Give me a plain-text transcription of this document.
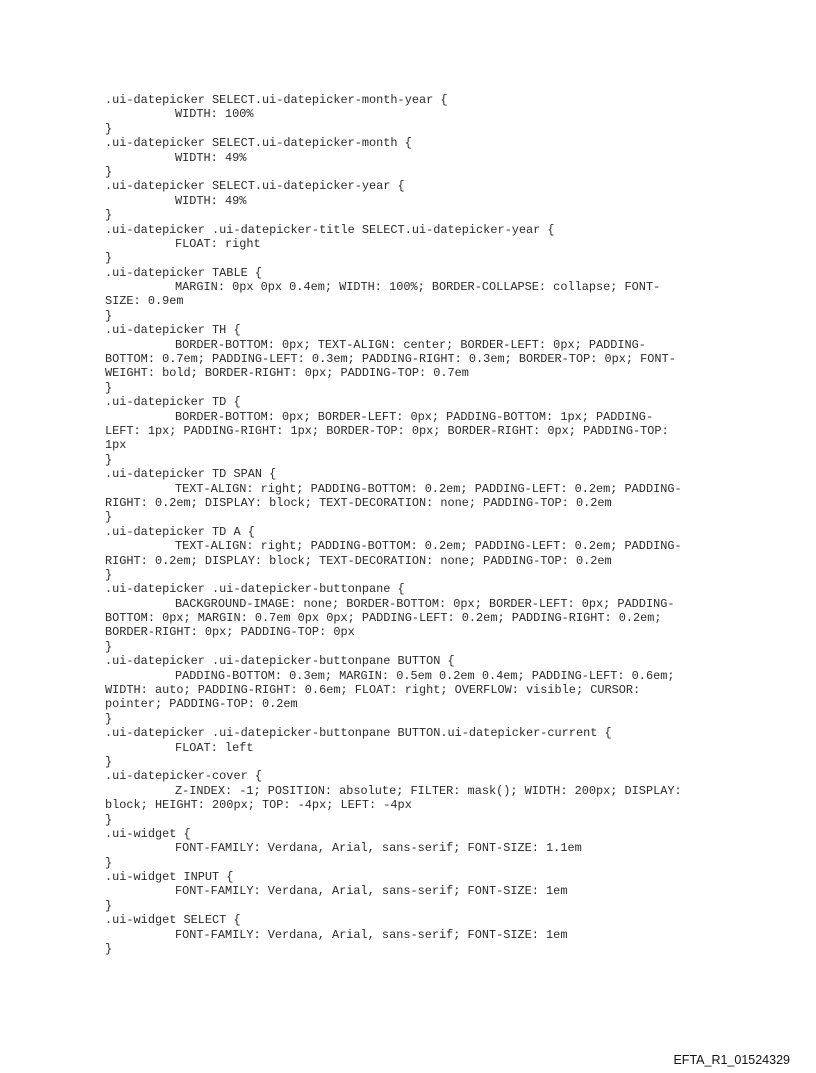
.ui-datepicker SELECT.ui-datepicker-month-year {
WIDTH: 100%
}
.ui-datepicker SELECT.ui-datepicker-month {
WIDTH: 49%
}
.ui-datepicker SELECT.ui-datepicker-year {
WIDTH: 49%
}
.ui-datepicker .ui-datepicker-title SELECT.ui-datepicker-year {
FLOAT: right
}
.ui-datepicker TABLE {
MARGIN: 0px 0px 0.4em; WIDTH: 100%; BORDER-COLLAPSE: collapse; FONT-
SIZE: 0.9em
}
.ui-datepicker TH {
BORDER-BOTTOM: 0px; TEXT-ALIGN: center; BORDER-LEFT: 0px; PADDING-
BOTTOM: 0.7em; PADDING-LEFT: 0.3em; PADDING-RIGHT: 0.3em; BORDER-TOP: 0px; FONT-
WEIGHT: bold; BORDER-RIGHT: 0px; PADDING-TOP: 0.7em
}
.ui-datepicker TD {
BORDER-BOTTOM: 0px; BORDER-LEFT: 0px; PADDING-BOTTOM: 1px; PADDING-
LEFT: 1px; PADDING-RIGHT: 1px; BORDER-TOP: 0px; BORDER-RIGHT: 0px; PADDING-TOP:
1px
}
.ui-datepicker TD SPAN {
TEXT-ALIGN: right; PADDING-BOTTOM: 0.2em; PADDING-LEFT: 0.2em; PADDING-
RIGHT: 0.2em; DISPLAY: block; TEXT-DECORATION: none; PADDING-TOP: 0.2em
}
.ui-datepicker TD A {
TEXT-ALIGN: right; PADDING-BOTTOM: 0.2em; PADDING-LEFT: 0.2em; PADDING-
RIGHT: 0.2em; DISPLAY: block; TEXT-DECORATION: none; PADDING-TOP: 0.2em
}
.ui-datepicker .ui-datepicker-buttonpane {
BACKGROUND-IMAGE: none; BORDER-BOTTOM: 0px; BORDER-LEFT: 0px; PADDING-
BOTTOM: 0px; MARGIN: 0.7em 0px 0px; PADDING-LEFT: 0.2em; PADDING-RIGHT: 0.2em;
BORDER-RIGHT: 0px; PADDING-TOP: 0px
}
.ui-datepicker .ui-datepicker-buttonpane BUTTON {
PADDING-BOTTOM: 0.3em; MARGIN: 0.5em 0.2em 0.4em; PADDING-LEFT: 0.6em;
WIDTH: auto; PADDING-RIGHT: 0.6em; FLOAT: right; OVERFLOW: visible; CURSOR:
pointer; PADDING-TOP: 0.2em
}
.ui-datepicker .ui-datepicker-buttonpane BUTTON.ui-datepicker-current {
FLOAT: left
}
.ui-datepicker-cover {
Z-INDEX: -1; POSITION: absolute; FILTER: mask(); WIDTH: 200px; DISPLAY:
block; HEIGHT: 200px; TOP: -4px; LEFT: -4px
}
.ui-widget {
FONT-FAMILY: Verdana, Arial, sans-serif; FONT-SIZE: 1.1em
}
.ui-widget INPUT {
FONT-FAMILY: Verdana, Arial, sans-serif; FONT-SIZE: 1em
}
.ui-widget SELECT {
FONT-FAMILY: Verdana, Arial, sans-serif; FONT-SIZE: 1em
}
EFTA_R1_01524329
